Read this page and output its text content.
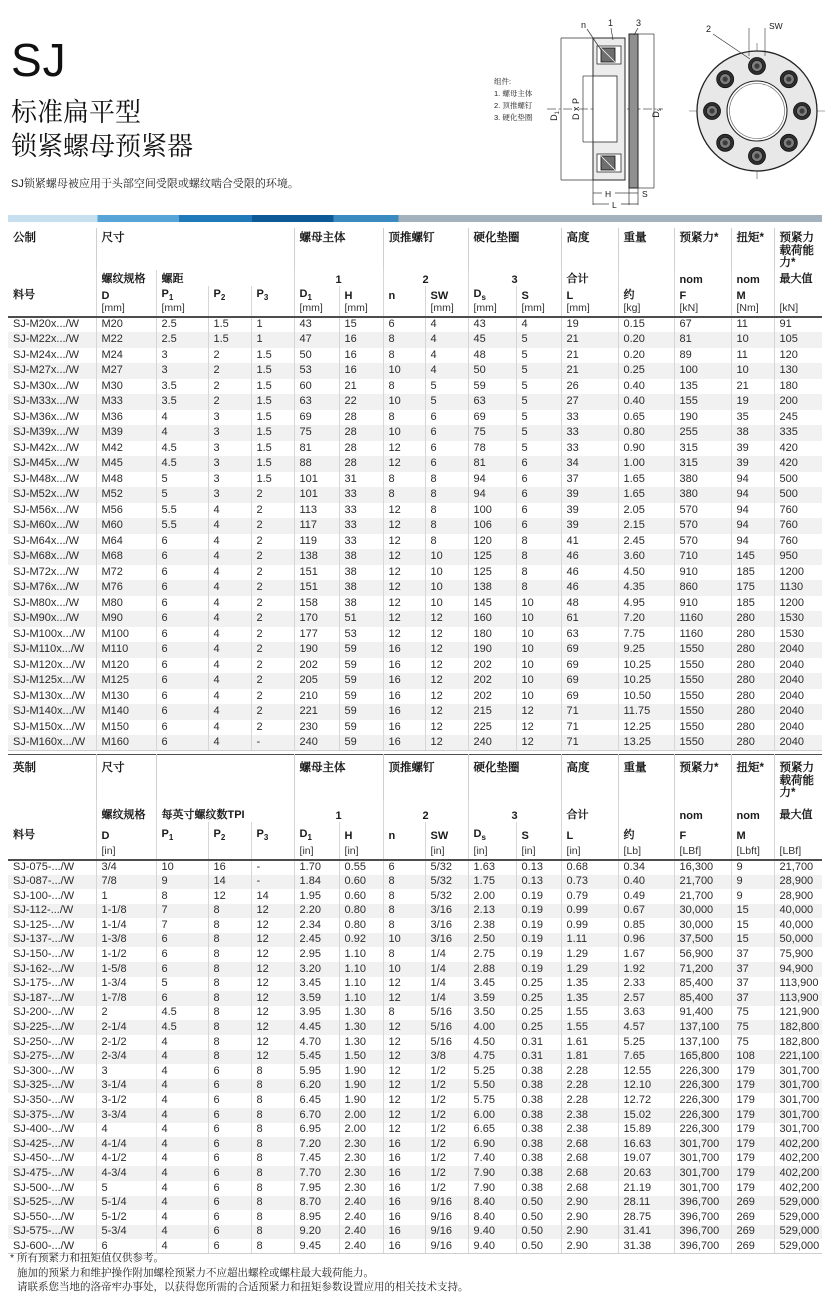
SJ
标准扁平型
锁紧螺母预紧器
SJ锁紧螺母被应用于头部空间受限或螺纹啮合受限的环境。
组件:
1. 螺母主体
2. 顶推螺钉
3. 硬化垫圈 $D_1$ D x P	$D_s$
H	S
L
n 1	3	SW
2
公制	尺寸				螺母主体		顶推螺钉		硬化垫圈		高度	重量	预紧力*	扭矩*	预紧力载荷能力*
	螺纹规格	螺距			1		2		3		合计		nom	nom	最大值
料号	D	$P_1$	$P_2$	$P_3$	$D_1$	H	n	SW	$D_s$	S	L	约	F	M	
	[mm]	[mm]			[mm]	[mm]		[mm]	[mm]	[mm]	[mm]	[kg]	[kN]	[Nm]	[kN]
SJ-M20x.../W	M20	2.5	1.5	1	43	15	6	4	43	4	19	0.15	67	11	91
SJ-M22x.../W	M22	2.5	1.5	1	47	16	8	4	45	5	21	0.20	81	10	105
SJ-M24x.../W	M24	3	2	1.5	50	16	8	4	48	5	21	0.20	89	11	120
SJ-M27x.../W	M27	3	2	1.5	53	16	10	4	50	5	21	0.25	100	10	130
SJ-M30x.../W	M30	3.5	2	1.5	60	21	8	5	59	5	26	0.40	135	21	180
SJ-M33x.../W	M33	3.5	2	1.5	63	22	10	5	63	5	27	0.40	155	19	200
SJ-M36x.../W	M36	4	3	1.5	69	28	8	6	69	5	33	0.65	190	35	245
SJ-M39x.../W	M39	4	3	1.5	75	28	10	6	75	5	33	0.80	255	38	335
SJ-M42x.../W	M42	4.5	3	1.5	81	28	12	6	78	5	33	0.90	315	39	420
SJ-M45x.../W	M45	4.5	3	1.5	88	28	12	6	81	6	34	1.00	315	39	420
SJ-M48x.../W	M48	5	3	1.5	101	31	8	8	94	6	37	1.65	380	94	500
SJ-M52x.../W	M52	5	3	2	101	33	8	8	94	6	39	1.65	380	94	500
SJ-M56x.../W	M56	5.5	4	2	113	33	12	8	100	6	39	2.05	570	94	760
SJ-M60x.../W	M60	5.5	4	2	117	33	12	8	106	6	39	2.15	570	94	760
SJ-M64x.../W	M64	6	4	2	119	33	12	8	120	8	41	2.45	570	94	760
SJ-M68x.../W	M68	6	4	2	138	38	12	10	125	8	46	3.60	710	145	950
SJ-M72x.../W	M72	6	4	2	151	38	12	10	125	8	46	4.50	910	185	1200
SJ-M76x.../W	M76	6	4	2	151	38	12	10	138	8	46	4.35	860	175	1130
SJ-M80x.../W	M80	6	4	2	158	38	12	10	145	10	48	4.95	910	185	1200
SJ-M90x.../W	M90	6	4	2	170	51	12	12	160	10	61	7.20	1160	280	1530
SJ-M100x.../W	M100	6	4	2	177	53	12	12	180	10	63	7.75	1160	280	1530
SJ-M110x.../W	M110	6	4	2	190	59	16	12	190	10	69	9.25	1550	280	2040
SJ-M120x.../W	M120	6	4	2	202	59	16	12	202	10	69	10.25	1550	280	2040
SJ-M125x.../W	M125	6	4	2	205	59	16	12	202	10	69	10.25	1550	280	2040
SJ-M130x.../W	M130	6	4	2	210	59	16	12	202	10	69	10.50	1550	280	2040
SJ-M140x.../W	M140	6	4	2	221	59	16	12	215	12	71	11.75	1550	280	2040
SJ-M150x.../W	M150	6	4	2	230	59	16	12	225	12	71	12.25	1550	280	2040
SJ-M160x.../W	M160	6	4	-	240	59	16	12	240	12	71	13.25	1550	280	2040
英制	尺寸				螺母主体		顶推螺钉		硬化垫圈		高度	重量	预紧力*	扭矩*	预紧力载荷能力*
	螺纹规格	每英寸螺纹数TPI			1		2		3		合计		nom	nom	最大值
料号	D	$P_1$	$P_2$	$P_3$	$D_1$	H	n	SW	$D_s$	S	L	约	F	M	
	[in]				[in]	[in]		[in]	[in]	[in]	[in]	[Lb]	[LBf]	[Lbft]	[LBf]
SJ-075-.../W	3/4	10	16	-	1.70	0.55	6	5/32	1.63	0.13	0.68	0.34	16,300	9	21,700
SJ-087-.../W	7/8	9	14	-	1.84	0.60	8	5/32	1.75	0.13	0.73	0.40	21,700	9	28,900
SJ-100-.../W	1	8	12	14	1.95	0.60	8	5/32	2.00	0.19	0.79	0.49	21,700	9	28,900
SJ-112-.../W	1-1/8	7	8	12	2.20	0.80	8	3/16	2.13	0.19	0.99	0.67	30,000	15	40,000
SJ-125-.../W	1-1/4	7	8	12	2.34	0.80	8	3/16	2.38	0.19	0.99	0.85	30,000	15	40,000
SJ-137-.../W	1-3/8	6	8	12	2.45	0.92	10	3/16	2.50	0.19	1.11	0.96	37,500	15	50,000
SJ-150-.../W	1-1/2	6	8	12	2.95	1.10	8	1/4	2.75	0.19	1.29	1.67	56,900	37	75,900
SJ-162-.../W	1-5/8	6	8	12	3.20	1.10	10	1/4	2.88	0.19	1.29	1.92	71,200	37	94,900
SJ-175-.../W	1-3/4	5	8	12	3.45	1.10	12	1/4	3.45	0.25	1.35	2.33	85,400	37	113,900
SJ-187-.../W	1-7/8	6	8	12	3.59	1.10	12	1/4	3.59	0.25	1.35	2.57	85,400	37	113,900
SJ-200-.../W	2	4.5	8	12	3.95	1.30	8	5/16	3.50	0.25	1.55	3.63	91,400	75	121,900
SJ-225-.../W	2-1/4	4.5	8	12	4.45	1.30	12	5/16	4.00	0.25	1.55	4.57	137,100	75	182,800
SJ-250-.../W	2-1/2	4	8	12	4.70	1.30	12	5/16	4.50	0.31	1.61	5.25	137,100	75	182,800
SJ-275-.../W	2-3/4	4	8	12	5.45	1.50	12	3/8	4.75	0.31	1.81	7.65	165,800	108	221,100
SJ-300-.../W	3	4	6	8	5.95	1.90	12	1/2	5.25	0.38	2.28	12.55	226,300	179	301,700
SJ-325-.../W	3-1/4	4	6	8	6.20	1.90	12	1/2	5.50	0.38	2.28	12.10	226,300	179	301,700
SJ-350-.../W	3-1/2	4	6	8	6.45	1.90	12	1/2	5.75	0.38	2.28	12.72	226,300	179	301,700
SJ-375-.../W	3-3/4	4	6	8	6.70	2.00	12	1/2	6.00	0.38	2.38	15.02	226,300	179	301,700
SJ-400-.../W	4	4	6	8	6.95	2.00	12	1/2	6.65	0.38	2.38	15.89	226,300	179	301,700
SJ-425-.../W	4-1/4	4	6	8	7.20	2.30	16	1/2	6.90	0.38	2.68	16.63	301,700	179	402,200
SJ-450-.../W	4-1/2	4	6	8	7.45	2.30	16	1/2	7.40	0.38	2.68	19.07	301,700	179	402,200
SJ-475-.../W	4-3/4	4	6	8	7.70	2.30	16	1/2	7.90	0.38	2.68	20.63	301,700	179	402,200
SJ-500-.../W	5	4	6	8	7.95	2.30	16	1/2	7.90	0.38	2.68	21.19	301,700	179	402,200
SJ-525-.../W	5-1/4	4	6	8	8.70	2.40	16	9/16	8.40	0.50	2.90	28.11	396,700	269	529,000
SJ-550-.../W	5-1/2	4	6	8	8.95	2.40	16	9/16	8.40	0.50	2.90	28.75	396,700	269	529,000
SJ-575-.../W	5-3/4	4	6	8	9.20	2.40	16	9/16	9.40	0.50	2.90	31.41	396,700	269	529,000
SJ-600-.../W	6	4	6	8	9.45	2.40	16	9/16	9.40	0.50	2.90	31.38	396,700	269	529,000
* 所有预紧力和扭矩值仅供参考。
施加的预紧力和维护操作附加螺栓预紧力不应超出螺栓或螺柱最大载荷能力。
请联系您当地的洛帝牢办事处，以获得您所需的合适预紧力和扭矩参数设置应用的相关技术支持。
